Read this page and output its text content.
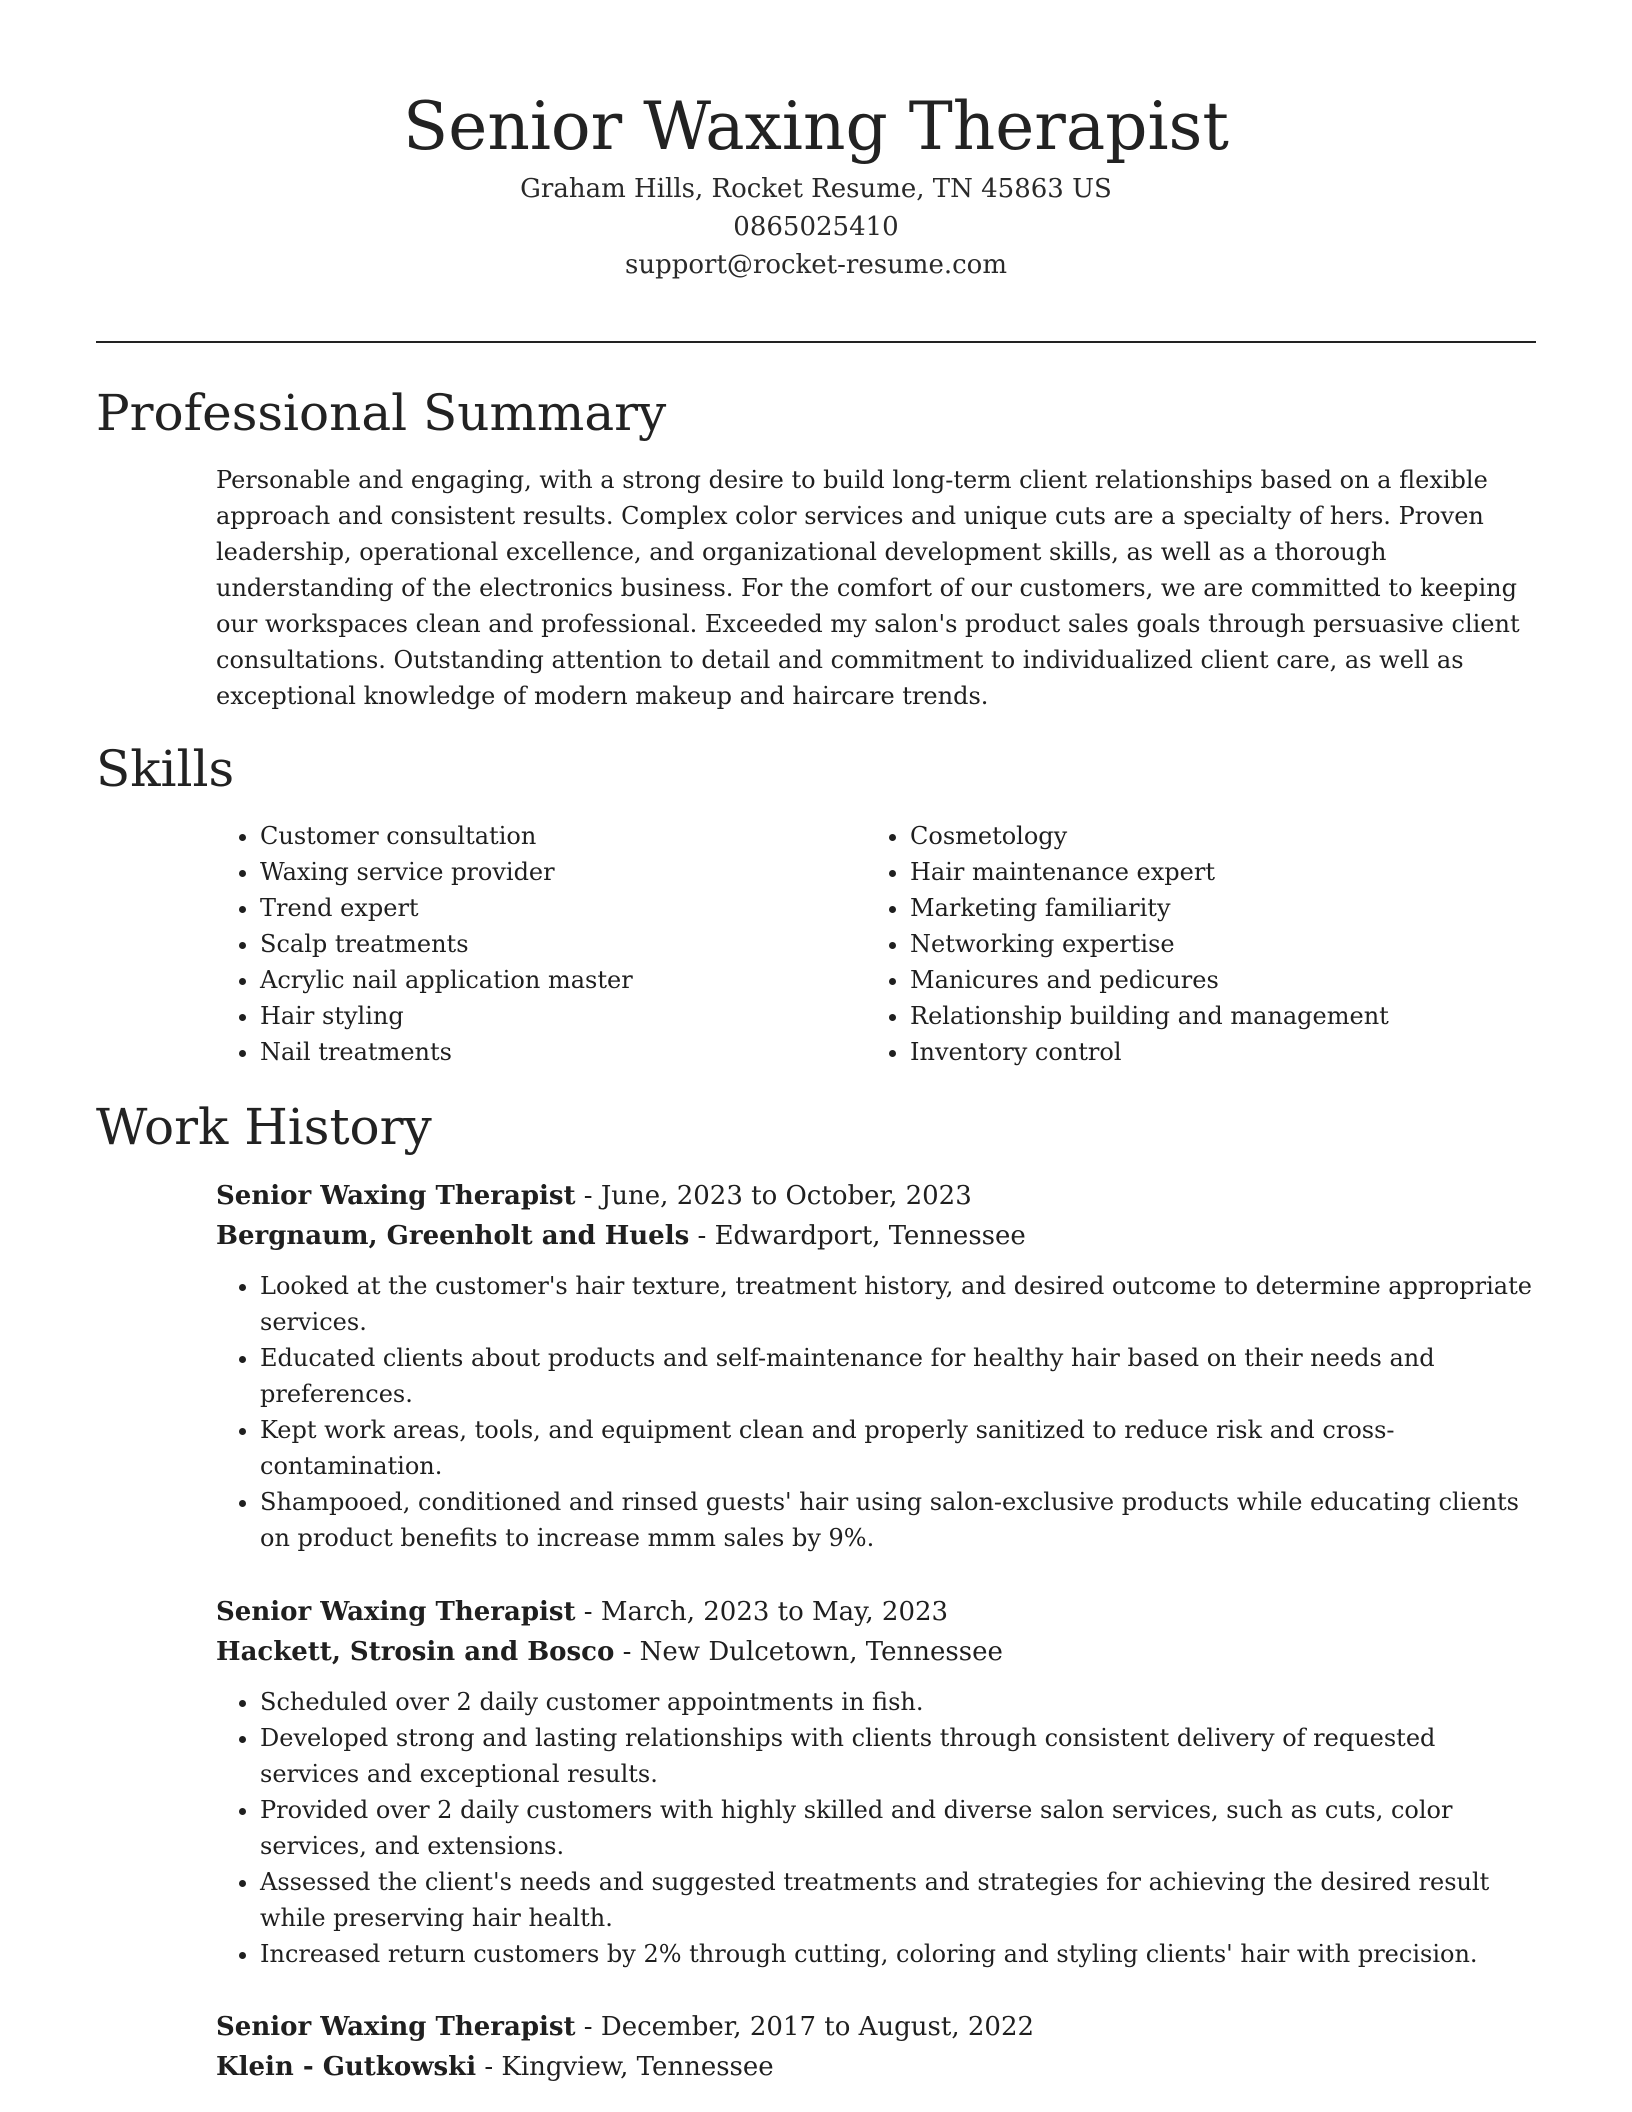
Senior Waxing Therapist
Graham Hills, Rocket Resume, TN 45863 US
0865025410
support@rocket-resume.com
Professional Summary

Personable and engaging, with a strong desire to build long-term client relationships based on a flexible approach and consistent results. Complex color services and unique cuts are a specialty of hers. Proven leadership, operational excellence, and organizational development skills, as well as a thorough understanding of the electronics business. For the comfort of our customers, we are committed to keeping our workspaces clean and professional. Exceeded my salon's product sales goals through persuasive client consultations. Outstanding attention to detail and commitment to individualized client care, as well as exceptional knowledge of modern makeup and haircare trends.

Skills
• Customer consultation
• Waxing service provider
• Trend expert
• Scalp treatments
• Acrylic nail application master
• Hair styling
• Nail treatments
• Cosmetology
• Hair maintenance expert
• Marketing familiarity
• Networking expertise
• Manicures and pedicures
• Relationship building and management
• Inventory control
Work History
Senior Waxing Therapist - June, 2023 to October, 2023
Bergnaum, Greenholt and Huels - Edwardport, Tennessee
• Looked at the customer's hair texture, treatment history, and desired outcome to determine appropriate services.
• Educated clients about products and self-maintenance for healthy hair based on their needs and preferences.
• Kept work areas, tools, and equipment clean and properly sanitized to reduce risk and cross-contamination.
• Shampooed, conditioned and rinsed guests' hair using salon-exclusive products while educating clients on product benefits to increase mmm sales by 9%.
Senior Waxing Therapist - March, 2023 to May, 2023
Hackett, Strosin and Bosco - New Dulcetown, Tennessee
• Scheduled over 2 daily customer appointments in fish.
• Developed strong and lasting relationships with clients through consistent delivery of requested services and exceptional results.
• Provided over 2 daily customers with highly skilled and diverse salon services, such as cuts, color services, and extensions.
• Assessed the client's needs and suggested treatments and strategies for achieving the desired result while preserving hair health.
• Increased return customers by 2% through cutting, coloring and styling clients' hair with precision.
Senior Waxing Therapist - December, 2017 to August, 2022
Klein - Gutkowski - Kingview, Tennessee
